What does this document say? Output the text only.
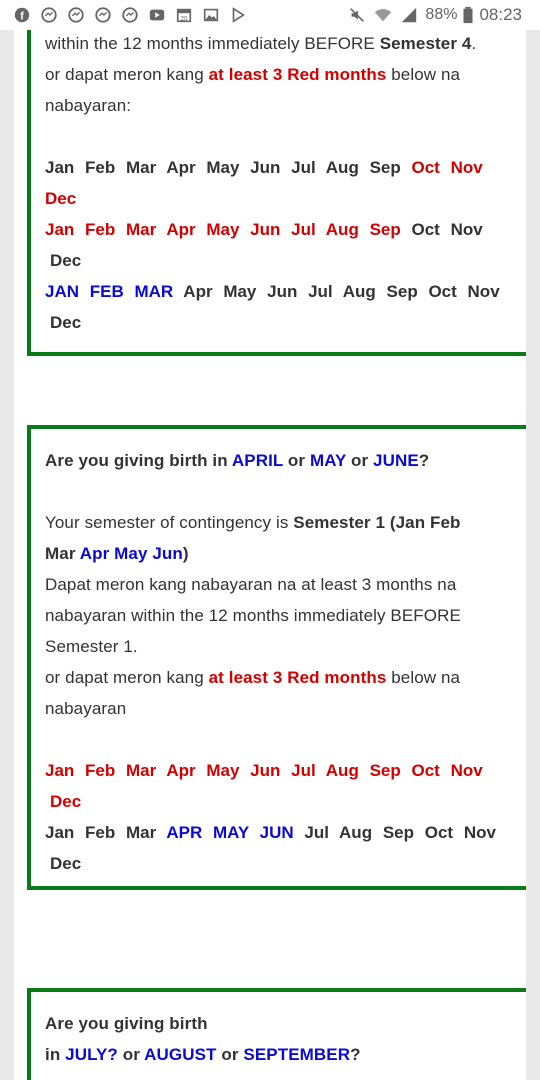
f	20	88% 08:23
within the 12 months immediately BEFORE Semester 4.
or dapat meron kang at least 3 Red months below na
nabayaran:
Jan Feb Mar Apr May Jun Jul Aug Sep Oct Nov
Dec
Jan Feb Mar Apr May Jun Jul Aug Sep Oct Nov
Dec
JAN FEB MAR Apr May Jun Jul Aug Sep Oct Nov
Dec
Are you giving birth in APRIL or MAY or JUNE?
Your semester of contingency is Semester 1 (Jan Feb
Mar Apr May Jun)
Dapat meron kang nabayaran na at least 3 months na
nabayaran within the 12 months immediately BEFORE
Semester 1.
or dapat meron kang at least 3 Red months below na
nabayaran
Jan Feb Mar Apr May Jun Jul Aug Sep Oct Nov
Dec
Jan Feb Mar APR MAY JUN Jul Aug Sep Oct Nov
Dec
Are you giving birth
in JULY? or AUGUST or SEPTEMBER?
